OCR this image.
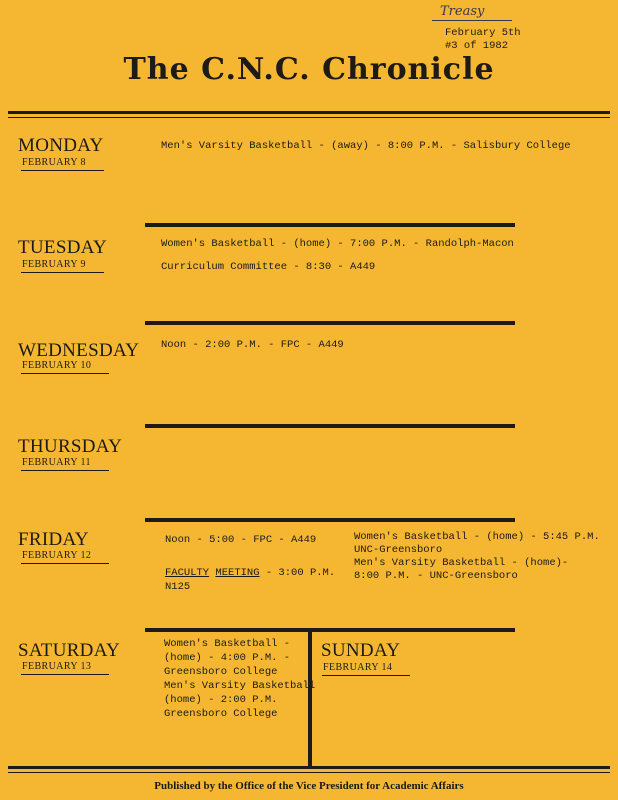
Treasy
February 5th
#3 of 1982
The C.N.C. Chronicle
MONDAY
FEBRUARY 8
Men's Varsity Basketball - (away) - 8:00 P.M. - Salisbury College
TUESDAY
FEBRUARY 9
Women's Basketball - (home) - 7:00 P.M. - Randolph-Macon
Curriculum Committee - 8:30 - A449
WEDNESDAY
FEBRUARY 10
Noon - 2:00 P.M. - FPC - A449
THURSDAY
FEBRUARY 11
FRIDAY
FEBRUARY 12
Noon - 5:00 - FPC - A449
FACULTY MEETING - 3:00 P.M.
N125
Women's Basketball - (home) - 5:45 P.M.
UNC-Greensboro
Men's Varsity Basketball - (home)-
8:00 P.M. - UNC-Greensboro
SATURDAY
FEBRUARY 13
Women's Basketball -
(home) - 4:00 P.M. -
Greensboro College
Men's Varsity Basketball
(home) - 2:00 P.M.
Greensboro College
SUNDAY
FEBRUARY 14
Published by the Office of the Vice President for Academic Affairs
